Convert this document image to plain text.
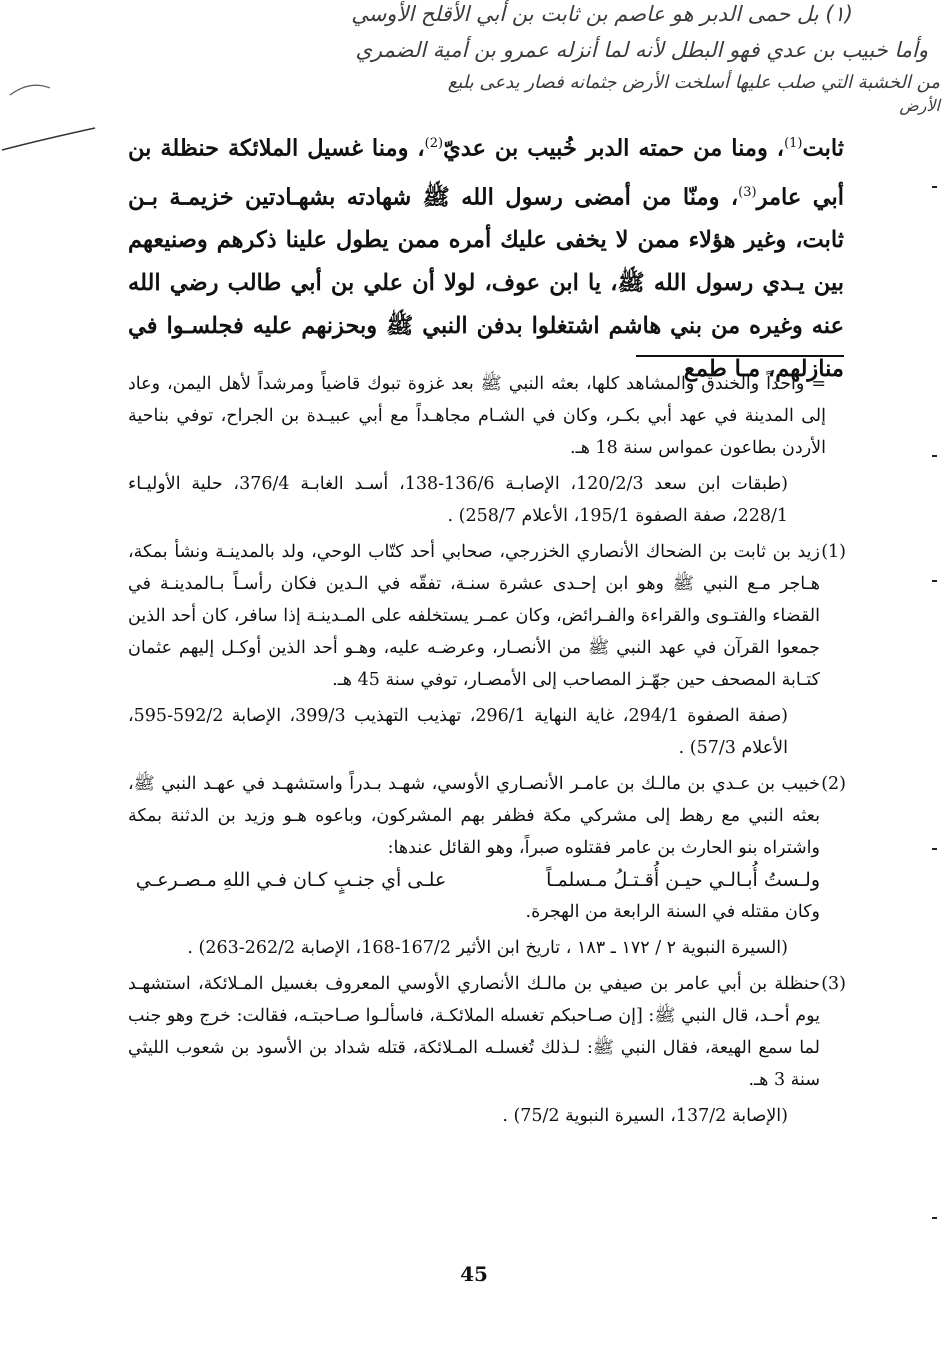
(١) بل حمى الدبر هو عاصم بن ثابت بن أبي الأقلح الأوسي
وأما خبيب بن عدي فهو البطل لأنه لما أنزله عمرو بن أمية الضمري
من الخشبة التي صلب عليها أسلخت الأرض جثمانه فصار يدعى بليع
الأرض

ثابت$^{(1)}$، ومنا من حمته الدبر خُبيب بن عديّ$^{(2)}$، ومنا غسيل الملائكة حنظلة بن أبي عامر$^{(3)}$، ومنّا من أمضى رسول الله ﷺ شهادته بشهـادتين خزيمـة بـن ثابت، وغير هؤلاء ممن لا يخفى عليك أمره ممن يطول علينا ذكرهم وصنيعهم بين يـدي رسول الله ﷺ، يا ابن عوف، لولا أن علي بن أبي طالب رضي الله عنه وغيره من بني هاشم اشتغلوا بدفن النبي ﷺ وبحزنهم عليه فجلسـوا في منازلهم، مـا طمع

= وأحداً والخندق والمشاهد كلها، بعثه النبي ﷺ بعد غزوة تبوك قاضياً ومرشداً لأهل اليمن، وعاد إلى المدينة في عهد أبي بكـر، وكان في الشـام مجاهـداً مع أبي عبيـدة بن الجراح، توفي بناحية الأردن بطاعون عمواس سنة 18 هـ.

(طبقات ابن سعد 120/2/3، الإصابـة 136/6-138، أسـد الغابـة 376/4، حلية الأوليـاء 228/1، صفة الصفوة 195/1، الأعلام 258/7) .

(1)
زيد بن ثابت بن الضحاك الأنصاري الخزرجي، صحابي أحد كتّاب الوحي، ولد بالمدينـة ونشأ بمكة، هـاجر مـع النبي ﷺ وهو ابن إحـدى عشرة سنـة، تفقّه في الـدين فكان رأسـاً بـالمدينـة في القضاء والفتـوى والقراءة والفـرائض، وكان عمـر يستخلفه على المـدينـة إذا سافر، كان أحد الذين جمعوا القرآن في عهد النبي ﷺ من الأنصـار، وعرضـه عليه، وهـو أحد الذين أوكـل إليهم عثمان كتـابة المصحف حين جهّـز المصاحب إلى الأمصـار، توفي سنة 45 هـ.

(صفة الصفوة 294/1، غاية النهاية 296/1، تهذيب التهذيب 399/3، الإصابة 592/2-595، الأعلام 57/3) .

(2)
خبيب بن عـدي بن مالـك بن عامـر الأنصـاري الأوسي، شهـد بـدراً واستشهـد في عهـد النبي ﷺ، بعثه النبي مع رهط إلى مشركي مكة فظفر بهم المشركون، وباعوه هـو وزيد بن الدثنة بمكة واشتراه بنو الحارث بن عامر فقتلوه صبراً، وهو القائل عندها:

ولـستُ أُبـالـي حيـن أُقـتـلُ مـسلمـاً
علـى أي جنـبٍ كـان فـي اللهِ مـصـرعـي

وكان مقتله في السنة الرابعة من الهجرة.

(السيرة النبوية ٢ / ١٧٢ ـ ١٨٣ ، تاريخ ابن الأثير 167/2-168، الإصابة 262/2-263) .

(3)
حنظلة بن أبي عامر بن صيفي بن مالـك الأنصاري الأوسي المعروف بغسيل المـلائكة، استشهـد يوم أحـد، قال النبي ﷺ: [إن صـاحبكم تغسله الملائكـة، فاسألـوا صـاحبتـه، فقالت: خرج وهو جنب لما سمع الهيعة، فقال النبي ﷺ: لـذلك تُغسلـه المـلائكة، قتله شداد بن الأسود بن شعوب الليثي سنة 3 هـ.

(الإصابة 137/2، السيرة النبوية 75/2) .

45
